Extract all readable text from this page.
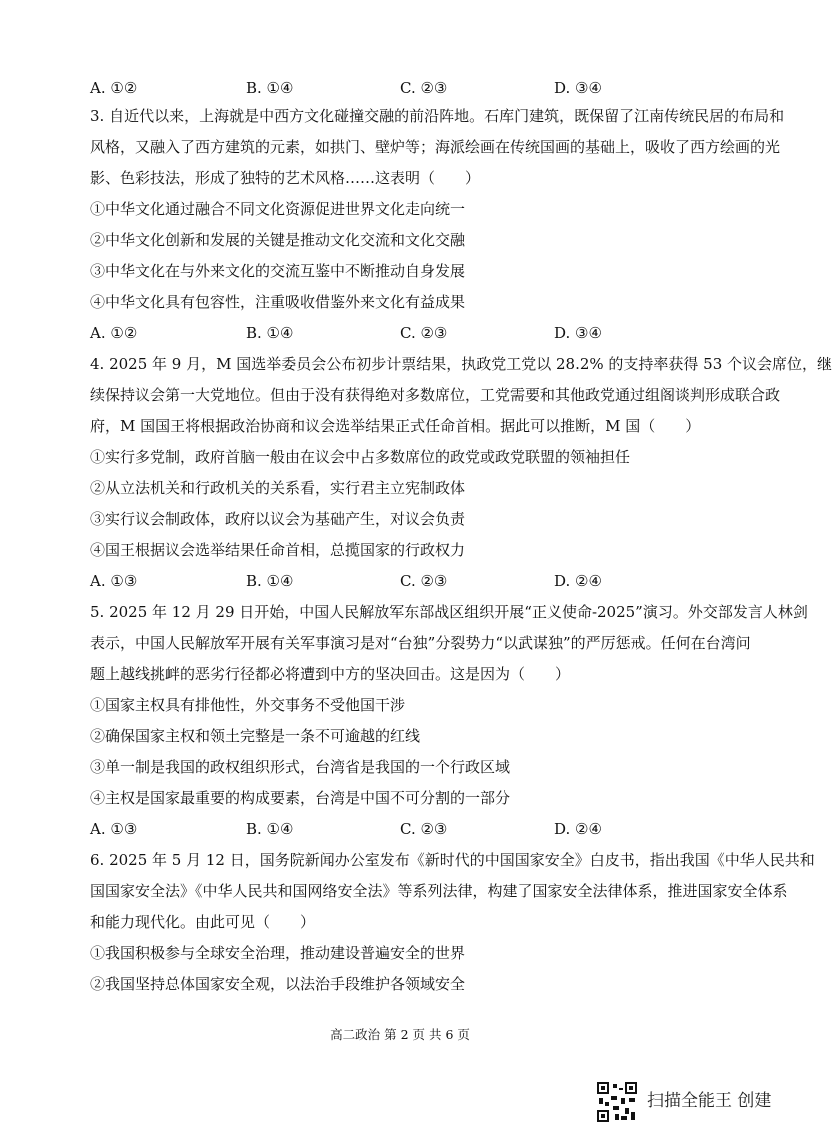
A. ①②	B. ①④	C. ②③	D. ③④
3. 自近代以来，上海就是中西方文化碰撞交融的前沿阵地。石库门建筑，既保留了江南传统民居的布局和
风格，又融入了西方建筑的元素，如拱门、壁炉等；海派绘画在传统国画的基础上，吸收了西方绘画的光
影、色彩技法，形成了独特的艺术风格……这表明（　　）
①中华文化通过融合不同文化资源促进世界文化走向统一
②中华文化创新和发展的关键是推动文化交流和文化交融
③中华文化在与外来文化的交流互鉴中不断推动自身发展
④中华文化具有包容性，注重吸收借鉴外来文化有益成果
A. ①②	B. ①④	C. ②③	D. ③④
4. 2025 年 9 月，M 国选举委员会公布初步计票结果，执政党工党以 28.2% 的支持率获得 53 个议会席位，继
续保持议会第一大党地位。但由于没有获得绝对多数席位，工党需要和其他政党通过组阁谈判形成联合政
府，M 国国王将根据政治协商和议会选举结果正式任命首相。据此可以推断，M 国（　　）
①实行多党制，政府首脑一般由在议会中占多数席位的政党或政党联盟的领袖担任
②从立法机关和行政机关的关系看，实行君主立宪制政体
③实行议会制政体，政府以议会为基础产生，对议会负责
④国王根据议会选举结果任命首相，总揽国家的行政权力
A. ①③	B. ①④	C. ②③	D. ②④
5. 2025 年 12 月 29 日开始，中国人民解放军东部战区组织开展“正义使命-2025”演习。外交部发言人林剑
表示，中国人民解放军开展有关军事演习是对“台独”分裂势力“以武谋独”的严厉惩戒。任何在台湾问
题上越线挑衅的恶劣行径都必将遭到中方的坚决回击。这是因为（　　）
①国家主权具有排他性，外交事务不受他国干涉
②确保国家主权和领土完整是一条不可逾越的红线
③单一制是我国的政权组织形式，台湾省是我国的一个行政区域
④主权是国家最重要的构成要素，台湾是中国不可分割的一部分
A. ①③	B. ①④	C. ②③	D. ②④
6. 2025 年 5 月 12 日，国务院新闻办公室发布《新时代的中国国家安全》白皮书，指出我国《中华人民共和
国国家安全法》《中华人民共和国网络安全法》等系列法律，构建了国家安全法律体系，推进国家安全体系
和能力现代化。由此可见（　　）
①我国积极参与全球安全治理，推动建设普遍安全的世界
②我国坚持总体国家安全观，以法治手段维护各领域安全
高二政治 第 2 页 共 6 页
扫描全能王 创建
